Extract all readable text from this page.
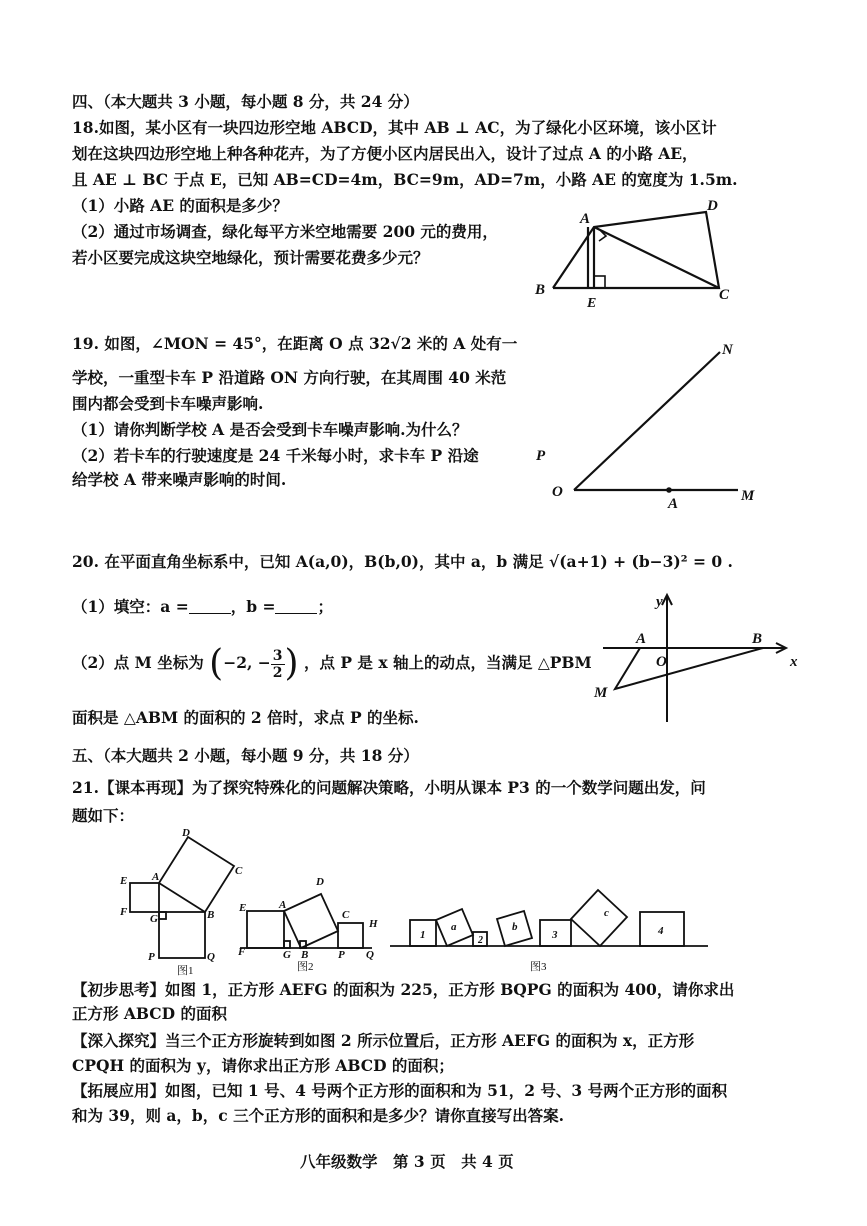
四、（本大题共 3 小题，每小题 8 分，共 24 分）
18.如图，某小区有一块四边形空地 ABCD，其中 AB ⊥ AC，为了绿化小区环境，该小区计
划在这块四边形空地上种各种花卉，为了方便小区内居民出入，设计了过点 A 的小路 AE，
且 AE ⊥ BC 于点 E，已知 AB=CD=4m，BC=9m，AD=7m，小路 AE 的宽度为 1.5m.
（1）小路 AE 的面积是多少？
（2）通过市场调查，绿化每平方米空地需要 200 元的费用，
若小区要完成这块空地绿化，预计需要花费多少元？
A
D
B
E
C
19. 如图，∠MON = 45°，在距离 O 点 32√2 米的 A 处有一
学校，一重型卡车 P 沿道路 ON 方向行驶，在其周围 40 米范
围内都会受到卡车噪声影响.
（1）请你判断学校 A 是否会受到卡车噪声影响.为什么？
（2）若卡车的行驶速度是 24 千米每小时，求卡车 P 沿途
给学校 A 带来噪声影响的时间.
N
P
O
A	M
20. 在平面直角坐标系中，已知 A(a,0)，B(b,0)，其中 a，b 满足 √(a+1) + (b−3)² = 0 .
（1）填空：a =	，b =	；
（2）点 M 坐标为 (−2, − $\frac{3}{2}$ ) ，点 P 是 x 轴上的动点，当满足 △PBM
面积是 △ABM 的面积的 2 倍时，求点 P 的坐标.
y
x
A	B
O
M
五、（本大题共 2 小题，每小题 9 分，共 18 分）
21.【课本再现】为了探究特殊化的问题解决策略，小明从课本 P3 的一个数学问题出发，问
题如下：
D
C
E A
F
G	B
P	Q
图1
E	A
D
C
H
F	G B	P Q
图2
1
a
2
b
3
c
4
图3
【初步思考】如图 1，正方形 AEFG 的面积为 225，正方形 BQPG 的面积为 400，请你求出
正方形 ABCD 的面积
【深入探究】当三个正方形旋转到如图 2 所示位置后，正方形 AEFG 的面积为 x，正方形
CPQH 的面积为 y，请你求出正方形 ABCD 的面积；
【拓展应用】如图，已知 1 号、4 号两个正方形的面积和为 51，2 号、3 号两个正方形的面积
和为 39，则 a，b，c 三个正方形的面积和是多少？请你直接写出答案.
八年级数学　第 3 页　共 4 页
